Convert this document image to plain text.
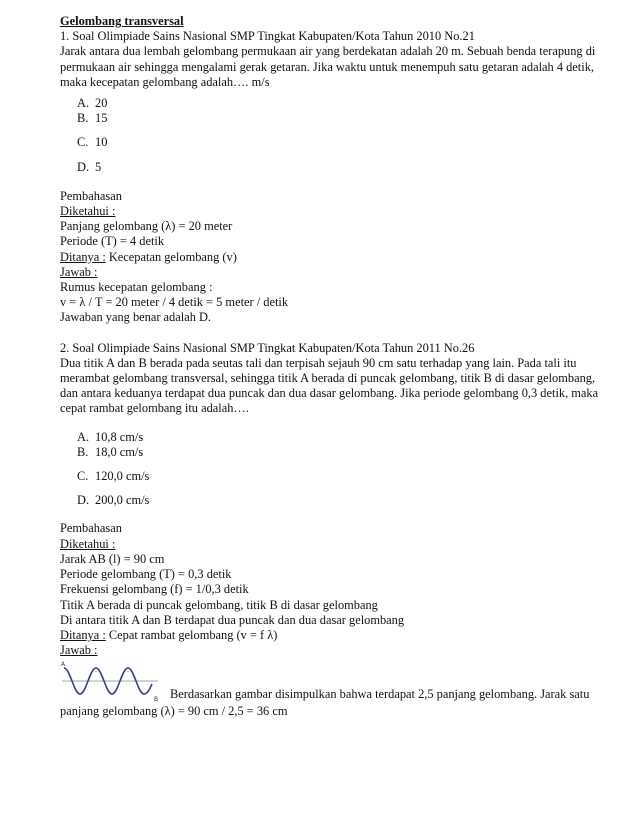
Gelombang transversal

1. Soal Olimpiade Sains Nasional SMP Tingkat Kabupaten/Kota Tahun 2010 No.21

Jarak antara dua lembah gelombang permukaan air yang berdekatan adalah 20 m. Sebuah benda terapung di

permukaan air sehingga mengalami gerak getaran. Jika waktu untuk menempuh satu getaran adalah 4 detik,

maka kecepatan gelombang adalah…. m/s

A. 20
B. 15
C. 10
D. 5

Pembahasan

Diketahui :

Panjang gelombang (λ) = 20 meter

Periode (T) = 4 detik

Ditanya : Kecepatan gelombang (v)

Jawab :

Rumus kecepatan gelombang :

v = λ / T = 20 meter / 4 detik = 5 meter / detik

Jawaban yang benar adalah D.

2. Soal Olimpiade Sains Nasional SMP Tingkat Kabupaten/Kota Tahun 2011 No.26

Dua titik A dan B berada pada seutas tali dan terpisah sejauh 90 cm satu terhadap yang lain. Pada tali itu

merambat gelombang transversal, sehingga titik A berada di puncak gelombang, titik B di dasar gelombang,

dan antara keduanya terdapat dua puncak dan dua dasar gelombang. Jika periode gelombang 0,3 detik, maka

cepat rambat gelombang itu adalah….

A. 10,8 cm/s
B. 18,0 cm/s
C. 120,0 cm/s
D. 200,0 cm/s

Pembahasan

Diketahui :

Jarak AB (l) = 90 cm

Periode gelombang (T) = 0,3 detik

Frekuensi gelombang (f) = 1/0,3 detik

Titik A berada di puncak gelombang, titik B di dasar gelombang

Di antara titik A dan B terdapat dua puncak dan dua dasar gelombang

Ditanya : Cepat rambat gelombang (v = f λ)

Jawab :

A
B Berdasarkan gambar disimpulkan bahwa terdapat 2,5 panjang gelombang. Jarak satu

panjang gelombang (λ) = 90 cm / 2,5 = 36 cm
